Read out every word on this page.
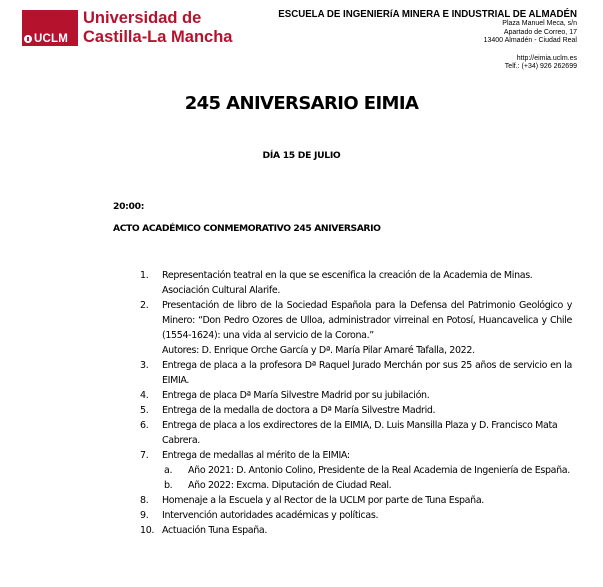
UCLM
Universidad de
Castilla-La Mancha
ESCUELA DE INGENIERíA MINERA E INDUSTRIAL DE ALMADÉN
Plaza Manuel Meca, s/n
Apartado de Correo, 17
13400 Almadén - Ciudad Real
http://eimia.uclm.es
Telf.: (+34) 926 262699
245 ANIVERSARIO EIMIA
DÍA 15 DE JULIO
20:00:
ACTO ACADÉMICO CONMEMORATIVO 245 ANIVERSARIO
1.	Representación teatral en la que se escenifica la creación de la Academia de Minas. Asociación Cultural Alarife.
2.	Presentación de libro de la Sociedad Española para la Defensa del Patrimonio Geológico y Minero: “Don Pedro Ozores de Ulloa, administrador virreinal en Potosí, Huancavelica y Chile (1554-1624): una vida al servicio de la Corona.”
Autores: D. Enrique Orche García y Dª. María Pilar Amaré Tafalla, 2022.
3.	Entrega de placa a la profesora Dª Raquel Jurado Merchán por sus 25 años de servicio en la EIMIA.
4.	Entrega de placa Dª María Silvestre Madrid por su jubilación.
5.	Entrega de la medalla de doctora a Dª María Silvestre Madrid.
6.	Entrega de placa a los exdirectores de la EIMIA, D. Luis Mansilla Plaza y D. Francisco Mata Cabrera.
7.	Entrega de medallas al mérito de la EIMIA:
a.	Año 2021: D. Antonio Colino, Presidente de la Real Academia de Ingeniería de España.
b.	Año 2022: Excma. Diputación de Ciudad Real.
8.	Homenaje a la Escuela y al Rector de la UCLM por parte de Tuna España.
9.	Intervención autoridades académicas y políticas.
10. Actuación Tuna España.
